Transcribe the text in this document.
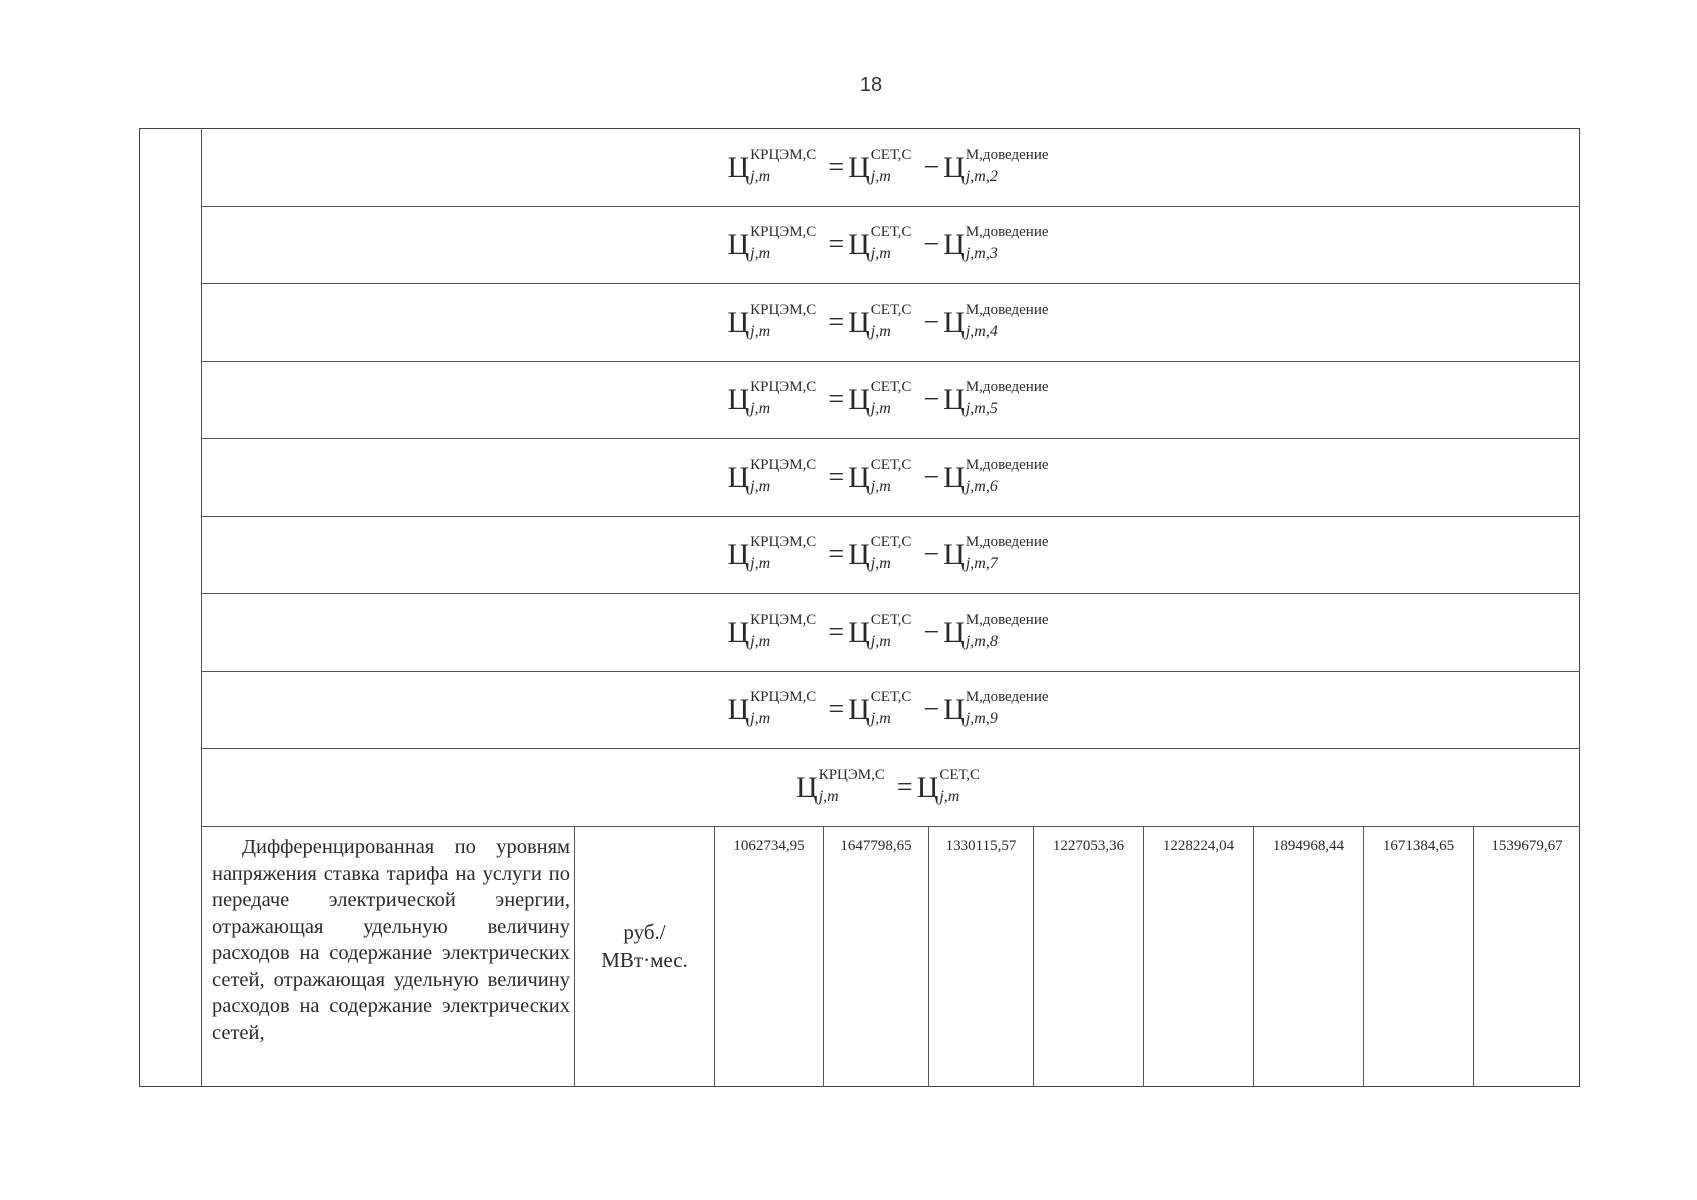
18
Ц КРЦЭМ,С
j,m	= Ц СЕТ,С
j,m	− Ц М,доведение
j,m,2
Ц КРЦЭМ,С
j,m	= Ц СЕТ,С
j,m	− Ц М,доведение
j,m,3
Ц КРЦЭМ,С
j,m	= Ц СЕТ,С
j,m	− Ц М,доведение
j,m,4
Ц КРЦЭМ,С
j,m	= Ц СЕТ,С
j,m	− Ц М,доведение
j,m,5
Ц КРЦЭМ,С
j,m	= Ц СЕТ,С
j,m	− Ц М,доведение
j,m,6
Ц КРЦЭМ,С
j,m	= Ц СЕТ,С
j,m	− Ц М,доведение
j,m,7
Ц КРЦЭМ,С
j,m	= Ц СЕТ,С
j,m	− Ц М,доведение
j,m,8
Ц КРЦЭМ,С
j,m	= Ц СЕТ,С
j,m	− Ц М,доведение
j,m,9
Ц КРЦЭМ,С
j,m	= Ц СЕТ,С
j,m
Дифференцированная по уровням напряжения ставка тарифа на услуги по передаче электрической энергии, отражающая удельную величину расходов на содержание электрических сетей, отражающая удельную величину расходов на содержание электрических сетей,
руб./
МВт·мес.
1062734,95	1647798,65	1330115,57	1227053,36	1228224,04	1894968,44	1671384,65	1539679,67
